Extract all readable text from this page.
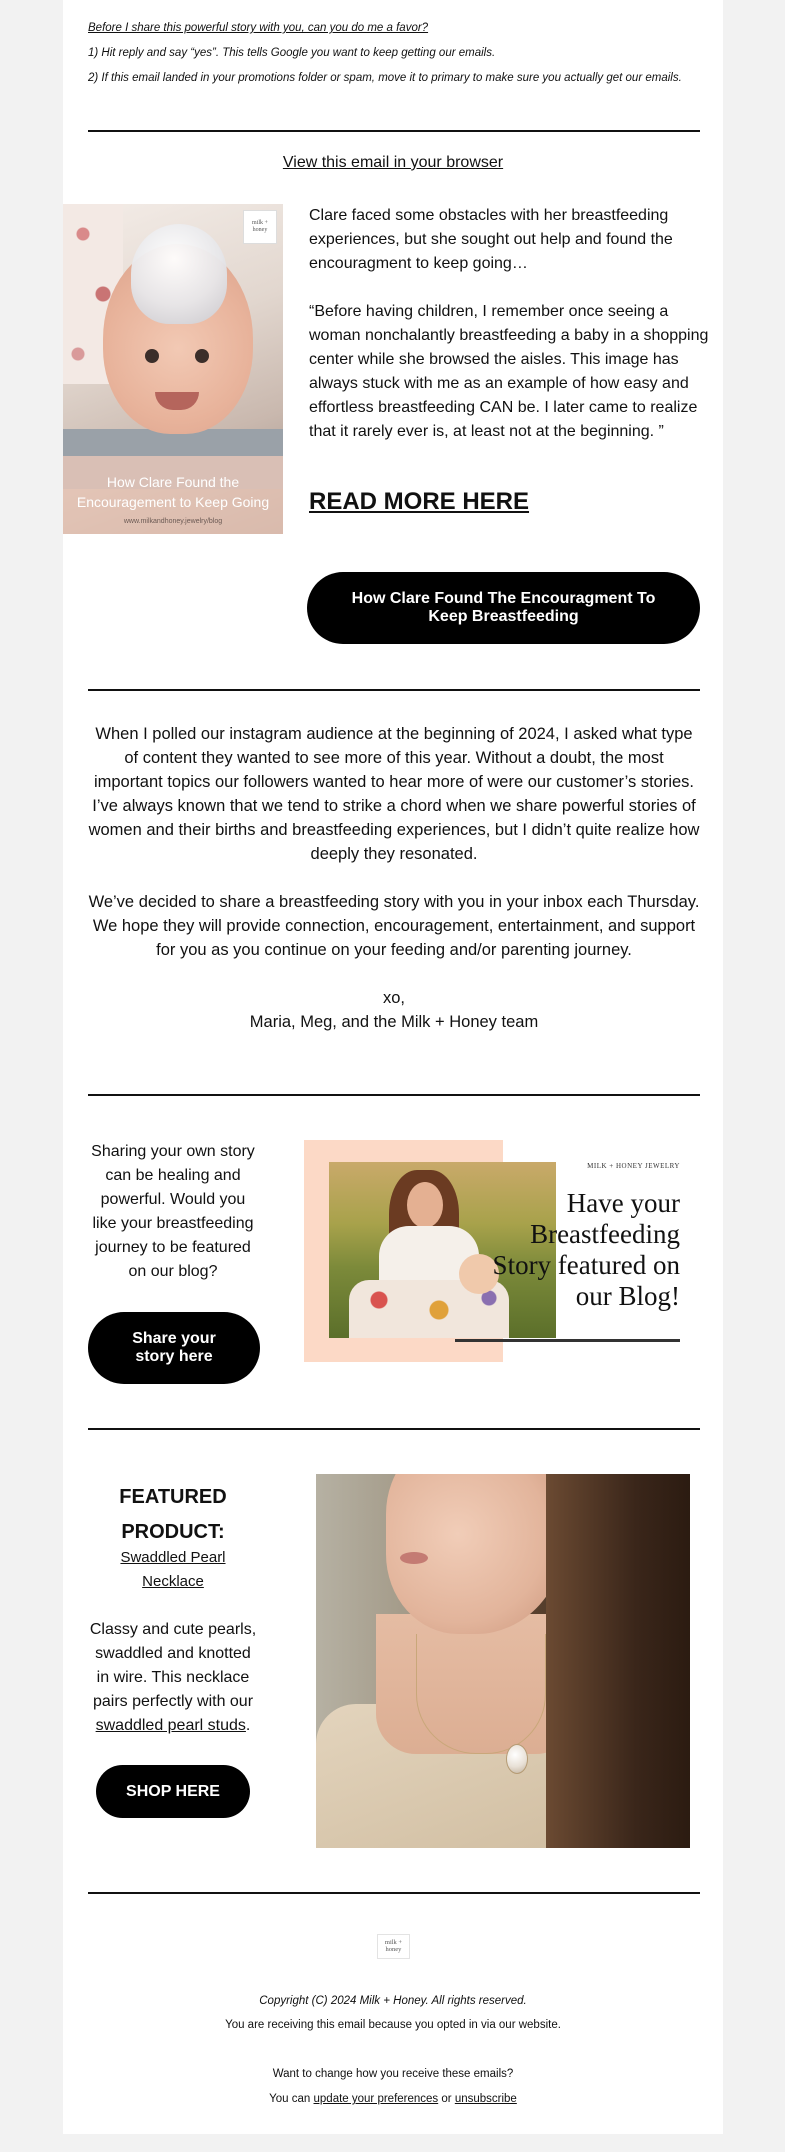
Before I share this powerful story with you, can you do me a favor?
1) Hit reply and say “yes”. This tells Google you want to keep getting our emails.
2) If this email landed in your promotions folder or spam, move it to primary to make sure you actually get our emails.
View this email in your browser
milk +
honey
How Clare Found the Encouragement to Keep Going
www.milkandhoney.jewelry/blog

Clare faced some obstacles with her breastfeeding experiences, but she sought out help and found the encouragment to keep going…

“Before having children, I remember once seeing a woman nonchalantly breastfeeding a baby in a shopping center while she browsed the aisles. This image has always stuck with me as an example of how easy and effortless breastfeeding CAN be. I later came to realize that it rarely ever is, at least not at the beginning. ”

READ MORE HERE
How Clare Found The Encouragment To Keep Breastfeeding

When I polled our instagram audience at the beginning of 2024, I asked what type of content they wanted to see more of this year. Without a doubt, the most important topics our followers wanted to hear more of were our customer’s stories. I’ve always known that we tend to strike a chord when we share powerful stories of women and their births and breastfeeding experiences, but I didn’t quite realize how deeply they resonated.

We’ve decided to share a breastfeeding story with you in your inbox each Thursday. We hope they will provide connection, encouragement, entertainment, and support for you as you continue on your feeding and/or parenting journey.

xo,
Maria, Meg, and the Milk + Honey team

Sharing your own story can be healing and powerful. Would you like your breastfeeding journey to be featured on our blog?
Share your story here
MILK + HONEY JEWELRY
Have your Breastfeeding Story featured on our Blog!
FEATURED PRODUCT:
Swaddled Pearl Necklace
Classy and cute pearls, swaddled and knotted in wire. This necklace pairs perfectly with our swaddled pearl studs.
SHOP HERE
milk +
honey
Copyright (C) 2024 Milk + Honey. All rights reserved.
You are receiving this email because you opted in via our website.
Want to change how you receive these emails?
You can update your preferences or unsubscribe
